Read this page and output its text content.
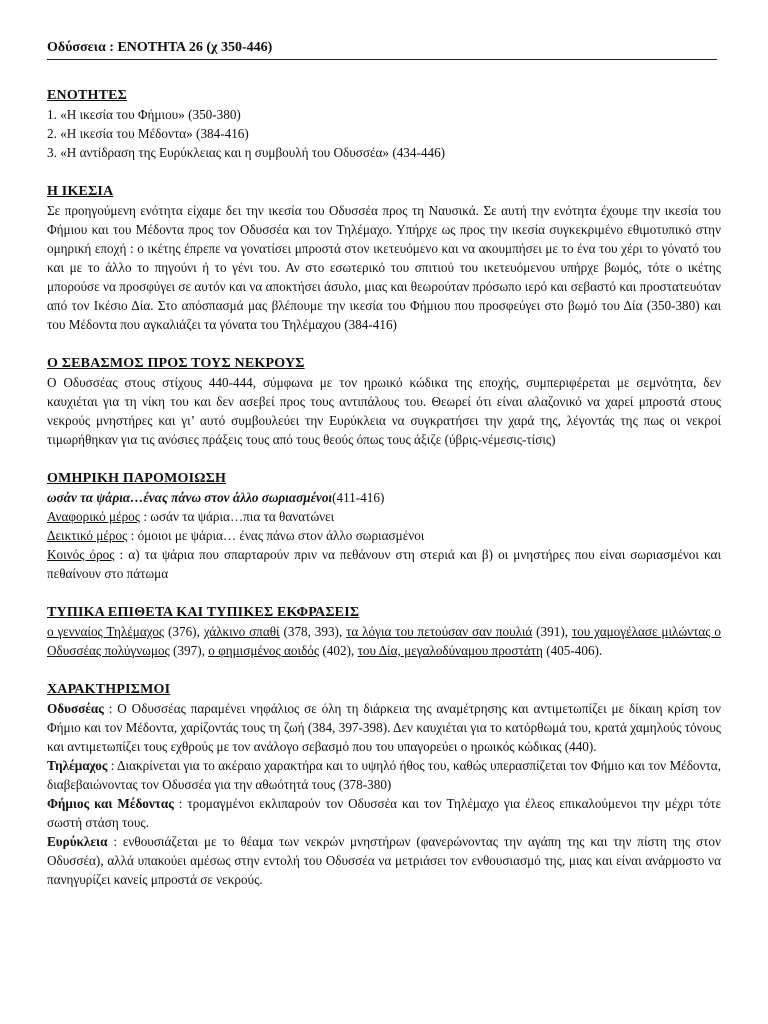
Οδύσσεια : ΕΝΟΤΗΤΑ 26 (χ 350-446)
ΕΝΟΤΗΤΕΣ
1. «Η ικεσία του Φήμιου» (350-380)
2. «Η ικεσία του Μέδοντα» (384-416)
3. «Η αντίδραση της Ευρύκλειας και η συμβουλή του Οδυσσέα» (434-446)
Η ΙΚΕΣΙΑ

Σε προηγούμενη ενότητα είχαμε δει την ικεσία του Οδυσσέα προς τη Ναυσικά. Σε αυτή την ενότητα έχουμε την ικεσία του Φήμιου και του Μέδοντα προς τον Οδυσσέα και τον Τηλέμαχο. Υπήρχε ως προς την ικεσία συγκεκριμένο εθιμοτυπικό στην ομηρική εποχή : ο ικέτης έπρεπε να γονατίσει μπροστά στον ικετευόμενο και να ακουμπήσει με το ένα του χέρι το γόνατό του και με το άλλο το πηγούνι ή το γένι του. Αν στο εσωτερικό του σπιτιού του ικετευόμενου υπήρχε βωμός, τότε ο ικέτης μπορούσε να προσφύγει σε αυτόν και να αποκτήσει άσυλο, μιας και θεωρούταν πρόσωπο ιερό και σεβαστό και προστατευόταν από τον Ικέσιο Δία. Στο απόσπασμά μας βλέπουμε την ικεσία του Φήμιου που προσφεύγει στο βωμό του Δία (350-380) και του Μέδοντα που αγκαλιάζει τα γόνατα του Τηλέμαχου (384-416)

Ο ΣΕΒΑΣΜΟΣ ΠΡΟΣ ΤΟΥΣ ΝΕΚΡΟΥΣ

Ο Οδυσσέας στους στίχους 440-444, σύμφωνα με τον ηρωικό κώδικα της εποχής, συμπεριφέρεται με σεμνότητα, δεν καυχιέται για τη νίκη του και δεν ασεβεί προς τους αντιπάλους του. Θεωρεί ότι είναι αλαζονικό να χαρεί μπροστά στους νεκρούς μνηστήρες και γι’ αυτό συμβουλεύει την Ευρύκλεια να συγκρατήσει την χαρά της, λέγοντάς της πως οι νεκροί τιμωρήθηκαν για τις ανόσιες πράξεις τους από τους θεούς όπως τους άξιζε (ύβρις-νέμεσις-τίσις)

ΟΜΗΡΙΚΗ ΠΑΡΟΜΟΙΩΣΗ
ωσάν τα ψάρια…ένας πάνω στον άλλο σωριασμένοι(411-416)
Αναφορικό μέρος : ωσάν τα ψάρια…πια τα θανατώνει
Δεικτικό μέρος : όμοιοι με ψάρια… ένας πάνω στον άλλο σωριασμένοι
Κοινός όρος : α) τα ψάρια που σπαρταρούν πριν να πεθάνουν στη στεριά και β) οι μνηστήρες που είναι σωριασμένοι και πεθαίνουν στο πάτωμα
ΤΥΠΙΚΑ ΕΠΙΘΕΤΑ ΚΑΙ ΤΥΠΙΚΕΣ ΕΚΦΡΑΣΕΙΣ

ο γενναίος Τηλέμαχος (376), χάλκινο σπαθί (378, 393), τα λόγια του πετούσαν σαν πουλιά (391), του χαμογέλασε μιλώντας ο Οδυσσέας πολύγνωμος (397), ο φημισμένος αοιδός (402), του Δία, μεγαλοδύναμου προστάτη (405-406).

ΧΑΡΑΚΤΗΡΙΣΜΟΙ

Οδυσσέας : Ο Οδυσσέας παραμένει νηφάλιος σε όλη τη διάρκεια της αναμέτρησης και αντιμετωπίζει με δίκαιη κρίση τον Φήμιο και τον Μέδοντα, χαρίζοντάς τους τη ζωή (384, 397-398). Δεν καυχιέται για το κατόρθωμά του, κρατά χαμηλούς τόνους και αντιμετωπίζει τους εχθρούς με τον ανάλογο σεβασμό που του υπαγορεύει ο ηρωικός κώδικας (440).

Τηλέμαχος : Διακρίνεται για το ακέραιο χαρακτήρα και το υψηλό ήθος του, καθώς υπερασπίζεται τον Φήμιο και τον Μέδοντα, διαβεβαιώνοντας τον Οδυσσέα για την αθωότητά τους (378-380)

Φήμιος και Μέδοντας : τρομαγμένοι εκλιπαρούν τον Οδυσσέα και τον Τηλέμαχο για έλεος επικαλούμενοι την μέχρι τότε σωστή στάση τους.

Ευρύκλεια : ενθουσιάζεται με το θέαμα των νεκρών μνηστήρων (φανερώνοντας την αγάπη της και την πίστη της στον Οδυσσέα), αλλά υπακούει αμέσως στην εντολή του Οδυσσέα να μετριάσει τον ενθουσιασμό της, μιας και είναι ανάρμοστο να πανηγυρίζει κανείς μπροστά σε νεκρούς.
